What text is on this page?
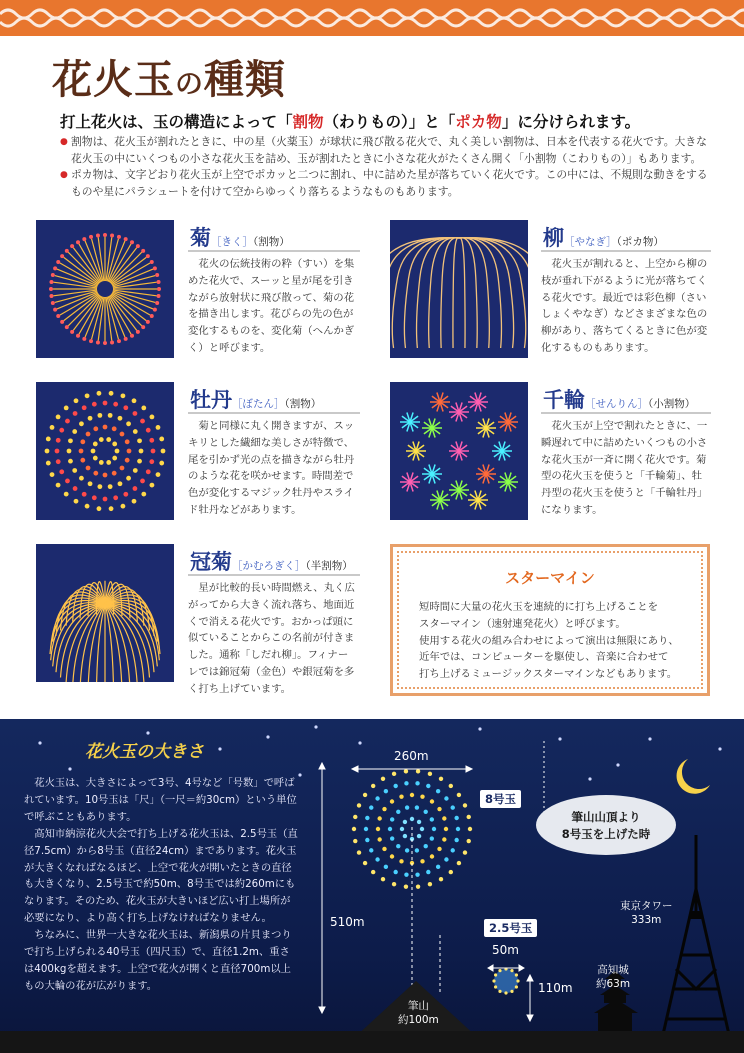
花火玉の種類
打上花火は、玉の構造によって「割物（わりもの）」と「ポカ物」に分けられます。
● 割物は、花火玉が割れたときに、中の星（火薬玉）が球状に飛び散る花火で、丸く美しい割物は、日本を代表する花火です。大きな花火玉の中にいくつもの小さな花火玉を詰め、玉が割れたときに小さな花火がたくさん開く「小割物（こわりもの）」もあります。
● ポカ物は、文字どおり花火玉が上空でポカッと二つに割れ、中に詰めた星が落ちていく花火です。この中には、不規則な動きをするものや星にパラシュートを付けて空からゆっくり落ちるようなものもあります。
菊［きく］（割物）
花火の伝統技術の粋（すい）を集めた花火で、スーッと星が尾を引きながら放射状に飛び散って、菊の花を描き出します。花びらの先の色が変化するものを、変化菊（へんかぎく）と呼びます。
柳［やなぎ］（ポカ物）
花火玉が割れると、上空から柳の枝が垂れ下がるように光が落ちてくる花火です。最近では彩色柳（さいしょくやなぎ）などさまざまな色の柳があり、落ちてくるときに色が変化するものもあります。
牡丹［ぼたん］（割物）
菊と同様に丸く開きますが、スッキリとした繊細な美しさが特徴で、尾を引かず光の点を描きながら牡丹のような花を咲かせます。時間差で色が変化するマジック牡丹やスライド牡丹などがあります。
千輪［せんりん］（小割物）
花火玉が上空で割れたときに、一瞬遅れて中に詰めたいくつもの小さな花火玉が一斉に開く花火です。菊型の花火玉を使うと「千輪菊」、牡丹型の花火玉を使うと「千輪牡丹」になります。
冠菊［かむろぎく］（半割物）
星が比較的長い時間燃え、丸く広がってから大きく流れ落ち、地面近くで消える花火です。おかっぱ頭に似ていることからこの名前が付きました。通称「しだれ柳」。フィナーレでは錦冠菊（金色）や銀冠菊を多く打ち上げています。
スターマイン
短時間に大量の花火玉を連続的に打ち上げることを
スターマイン（速射連発花火）と呼びます。
使用する花火の組み合わせによって演出は無限にあり、
近年では、コンピューターを駆使し、音楽に合わせて
打ち上げるミュージックスターマインなどもあります。
花火玉の大きさ

花火玉は、大きさによって3号、4号など「号数」で呼ばれています。10号玉は「尺」（一尺＝約30cm）という単位で呼ぶこともあります。

高知市納涼花火大会で打ち上げる花火玉は、2.5号玉（直径7.5cm）から8号玉（直径24cm）まであります。花火玉が大きくなればなるほど、上空で花火が開いたときの直径も大きくなり、2.5号玉で約50m、8号玉では約260mにもなります。そのため、花火玉が大きいほど広い打上場所が必要になり、より高く打ち上げなければなりません。

ちなみに、世界一大きな花火玉は、新潟県の片貝まつりで打ち上げられる40号玉（四尺玉）で、直径1.2m、重さは400kgを超えます。上空で花火が開くと直径700m以上もの大輪の花が広がります。

260m
510m
8号玉
2.5号玉
50m
110m
筆山山頂より
8号玉を上げた時
東京タワー
333m
高知城
約63m
筆山
約100m
